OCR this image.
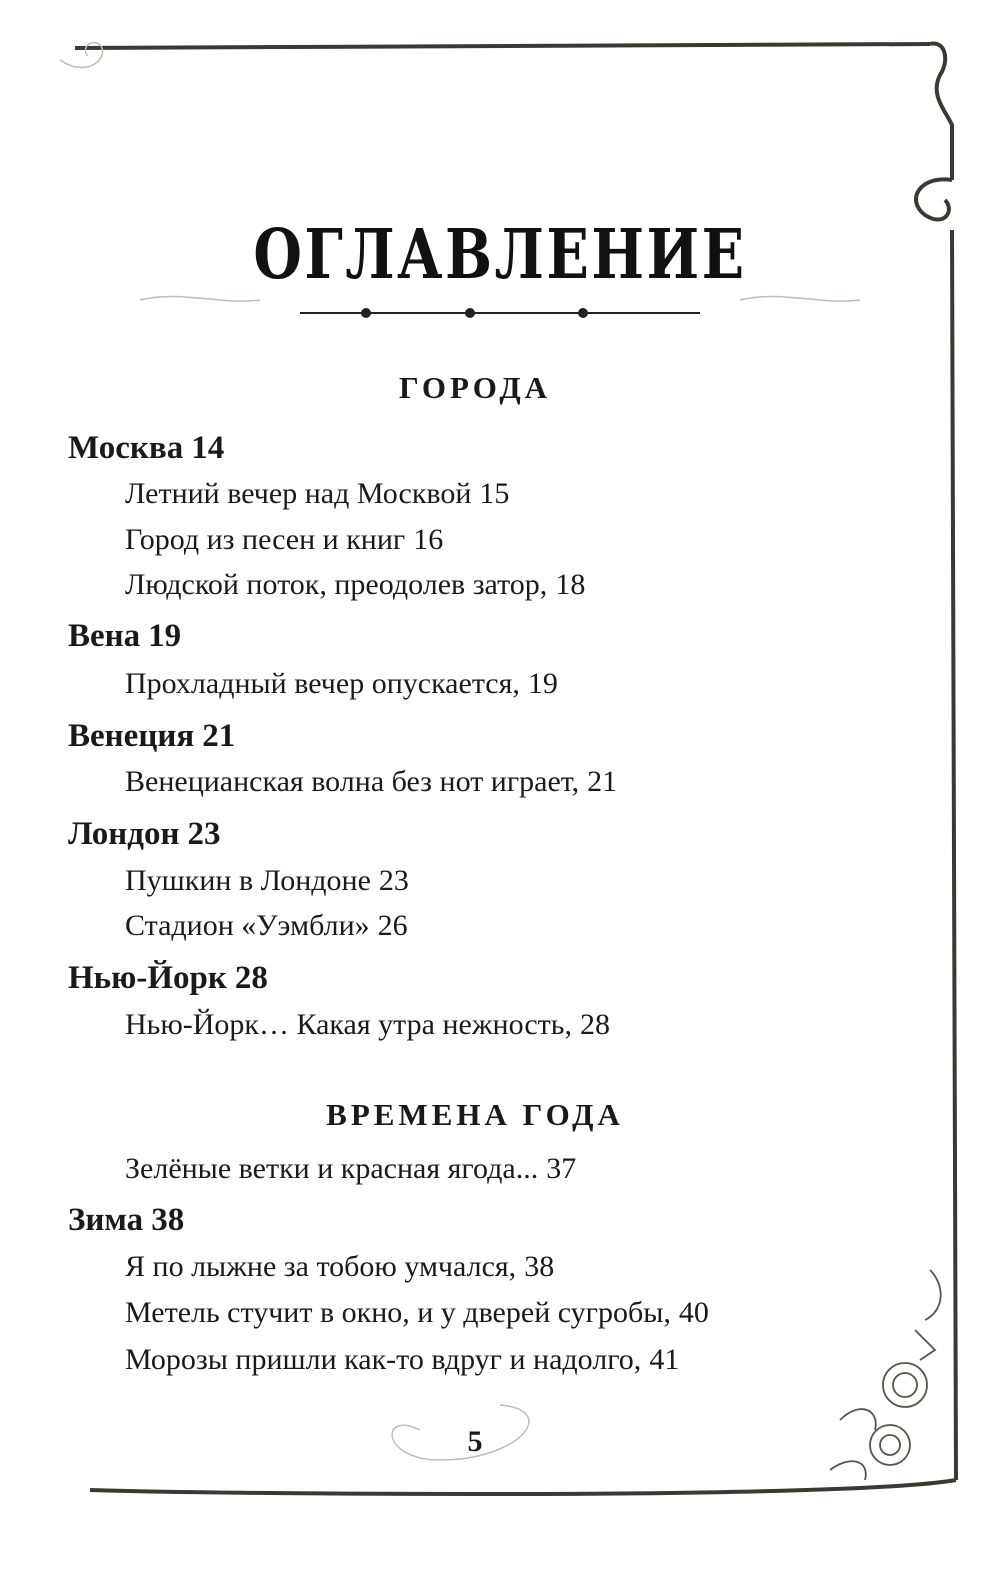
ОГЛАВЛЕНИЕ
ГОРОДА
Москва 14
Летний вечер над Москвой 15
Город из песен и книг 16
Людской поток, преодолев затор, 18
Вена 19
Прохладный вечер опускается, 19
Венеция 21
Венецианская волна без нот играет, 21
Лондон 23
Пушкин в Лондоне 23
Стадион «Уэмбли» 26
Нью-Йорк 28
Нью-Йорк… Какая утра нежность, 28
ВРЕМЕНА ГОДА
Зелёные ветки и красная ягода... 37
Зима 38
Я по лыжне за тобою умчался, 38
Метель стучит в окно, и у дверей сугробы, 40
Морозы пришли как-то вдруг и надолго, 41
5
